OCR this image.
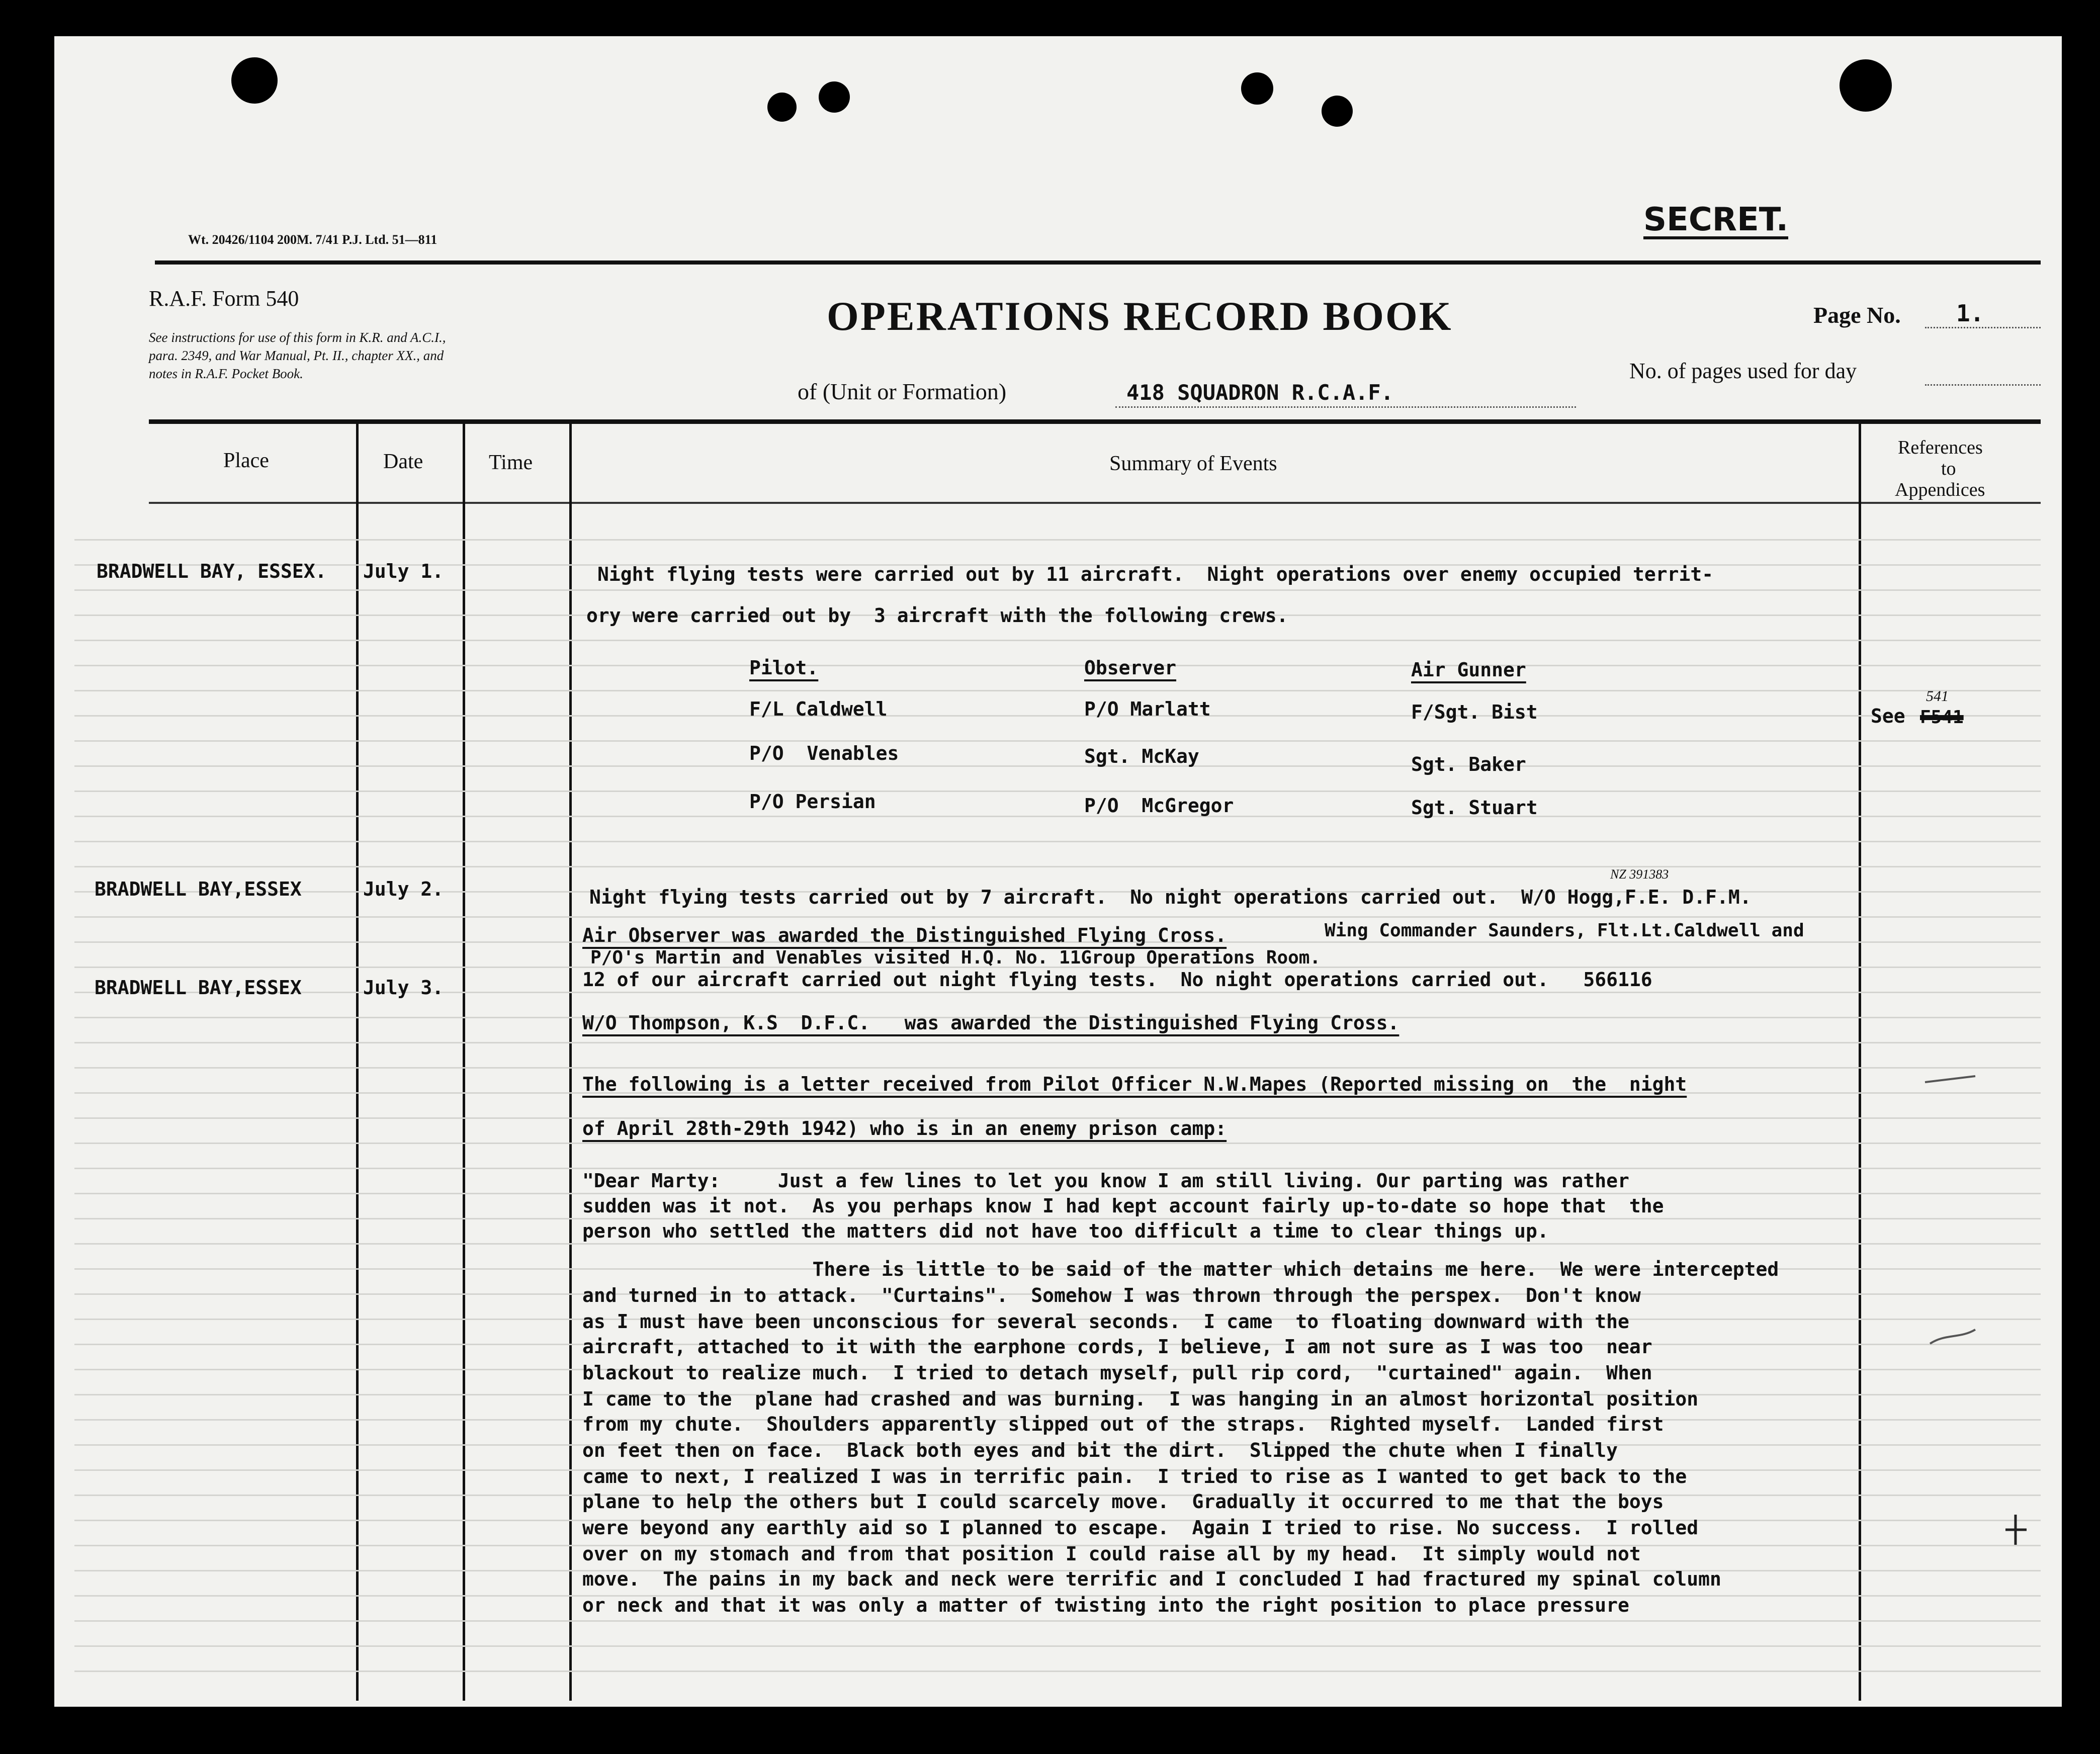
Wt. 20426/1104 200M. 7/41 P.J. Ltd. 51—811
SECRET.
R.A.F. Form 540
See instructions for use of this form in K.R. and A.C.I.,
para. 2349, and War Manual, Pt. II., chapter XX., and
notes in R.A.F. Pocket Book.
OPERATIONS RECORD BOOK
of (Unit or Formation)	418 SQUADRON R.C.A.F.
Page No. 1.
No. of pages used for day
Place	Date	Time	Summary of Events
References
to
Appendices
BRADWELL BAY, ESSEX. July 1.	Night flying tests were carried out by 11 aircraft.  Night operations over enemy occupied territ-
ory were carried out by  3 aircraft with the following crews.
Pilot.	Observer	Air Gunner
F/L Caldwell	P/O Marlatt	F/Sgt. Bist
P/O  Venables	Sgt. McKay	Sgt. Baker
P/O Persian	P/O  McGregor	Sgt. Stuart
See F541
541
BRADWELL BAY,ESSEX	July 2.	Night flying tests carried out by 7 aircraft.  No night operations carried out.  W/O Hogg,F.E. D.F.M.
NZ 391383
Air Observer was awarded the Distinguished Flying Cross.	Wing Commander Saunders, Flt.Lt.Caldwell and
P/O's Martin and Venables visited H.Q. No. 11Group Operations Room.
BRADWELL BAY,ESSEX	July 3.	12 of our aircraft carried out night flying tests.  No night operations carried out.   566116
W/O Thompson, K.S  D.F.C.   was awarded the Distinguished Flying Cross.
The following is a letter received from Pilot Officer N.W.Mapes (Reported missing on  the  night
of April 28th-29th 1942) who is in an enemy prison camp:
"Dear Marty:     Just a few lines to let you know I am still living. Our parting was rather
sudden was it not.  As you perhaps know I had kept account fairly up-to-date so hope that  the
person who settled the matters did not have too difficult a time to clear things up.
There is little to be said of the matter which detains me here.  We were intercepted
and turned in to attack.  "Curtains".  Somehow I was thrown through the perspex.  Don't know
as I must have been unconscious for several seconds.  I came  to floating downward with the
aircraft, attached to it with the earphone cords, I believe, I am not sure as I was too  near
blackout to realize much.  I tried to detach myself, pull rip cord,  "curtained" again.  When
I came to the  plane had crashed and was burning.  I was hanging in an almost horizontal position
from my chute.  Shoulders apparently slipped out of the straps.  Righted myself.  Landed first
on feet then on face.  Black both eyes and bit the dirt.  Slipped the chute when I finally
came to next, I realized I was in terrific pain.  I tried to rise as I wanted to get back to the
plane to help the others but I could scarcely move.  Gradually it occurred to me that the boys
were beyond any earthly aid so I planned to escape.  Again I tried to rise. No success.  I rolled
over on my stomach and from that position I could raise all by my head.  It simply would not
move.  The pains in my back and neck were terrific and I concluded I had fractured my spinal column
or neck and that it was only a matter of twisting into the right position to place pressure
